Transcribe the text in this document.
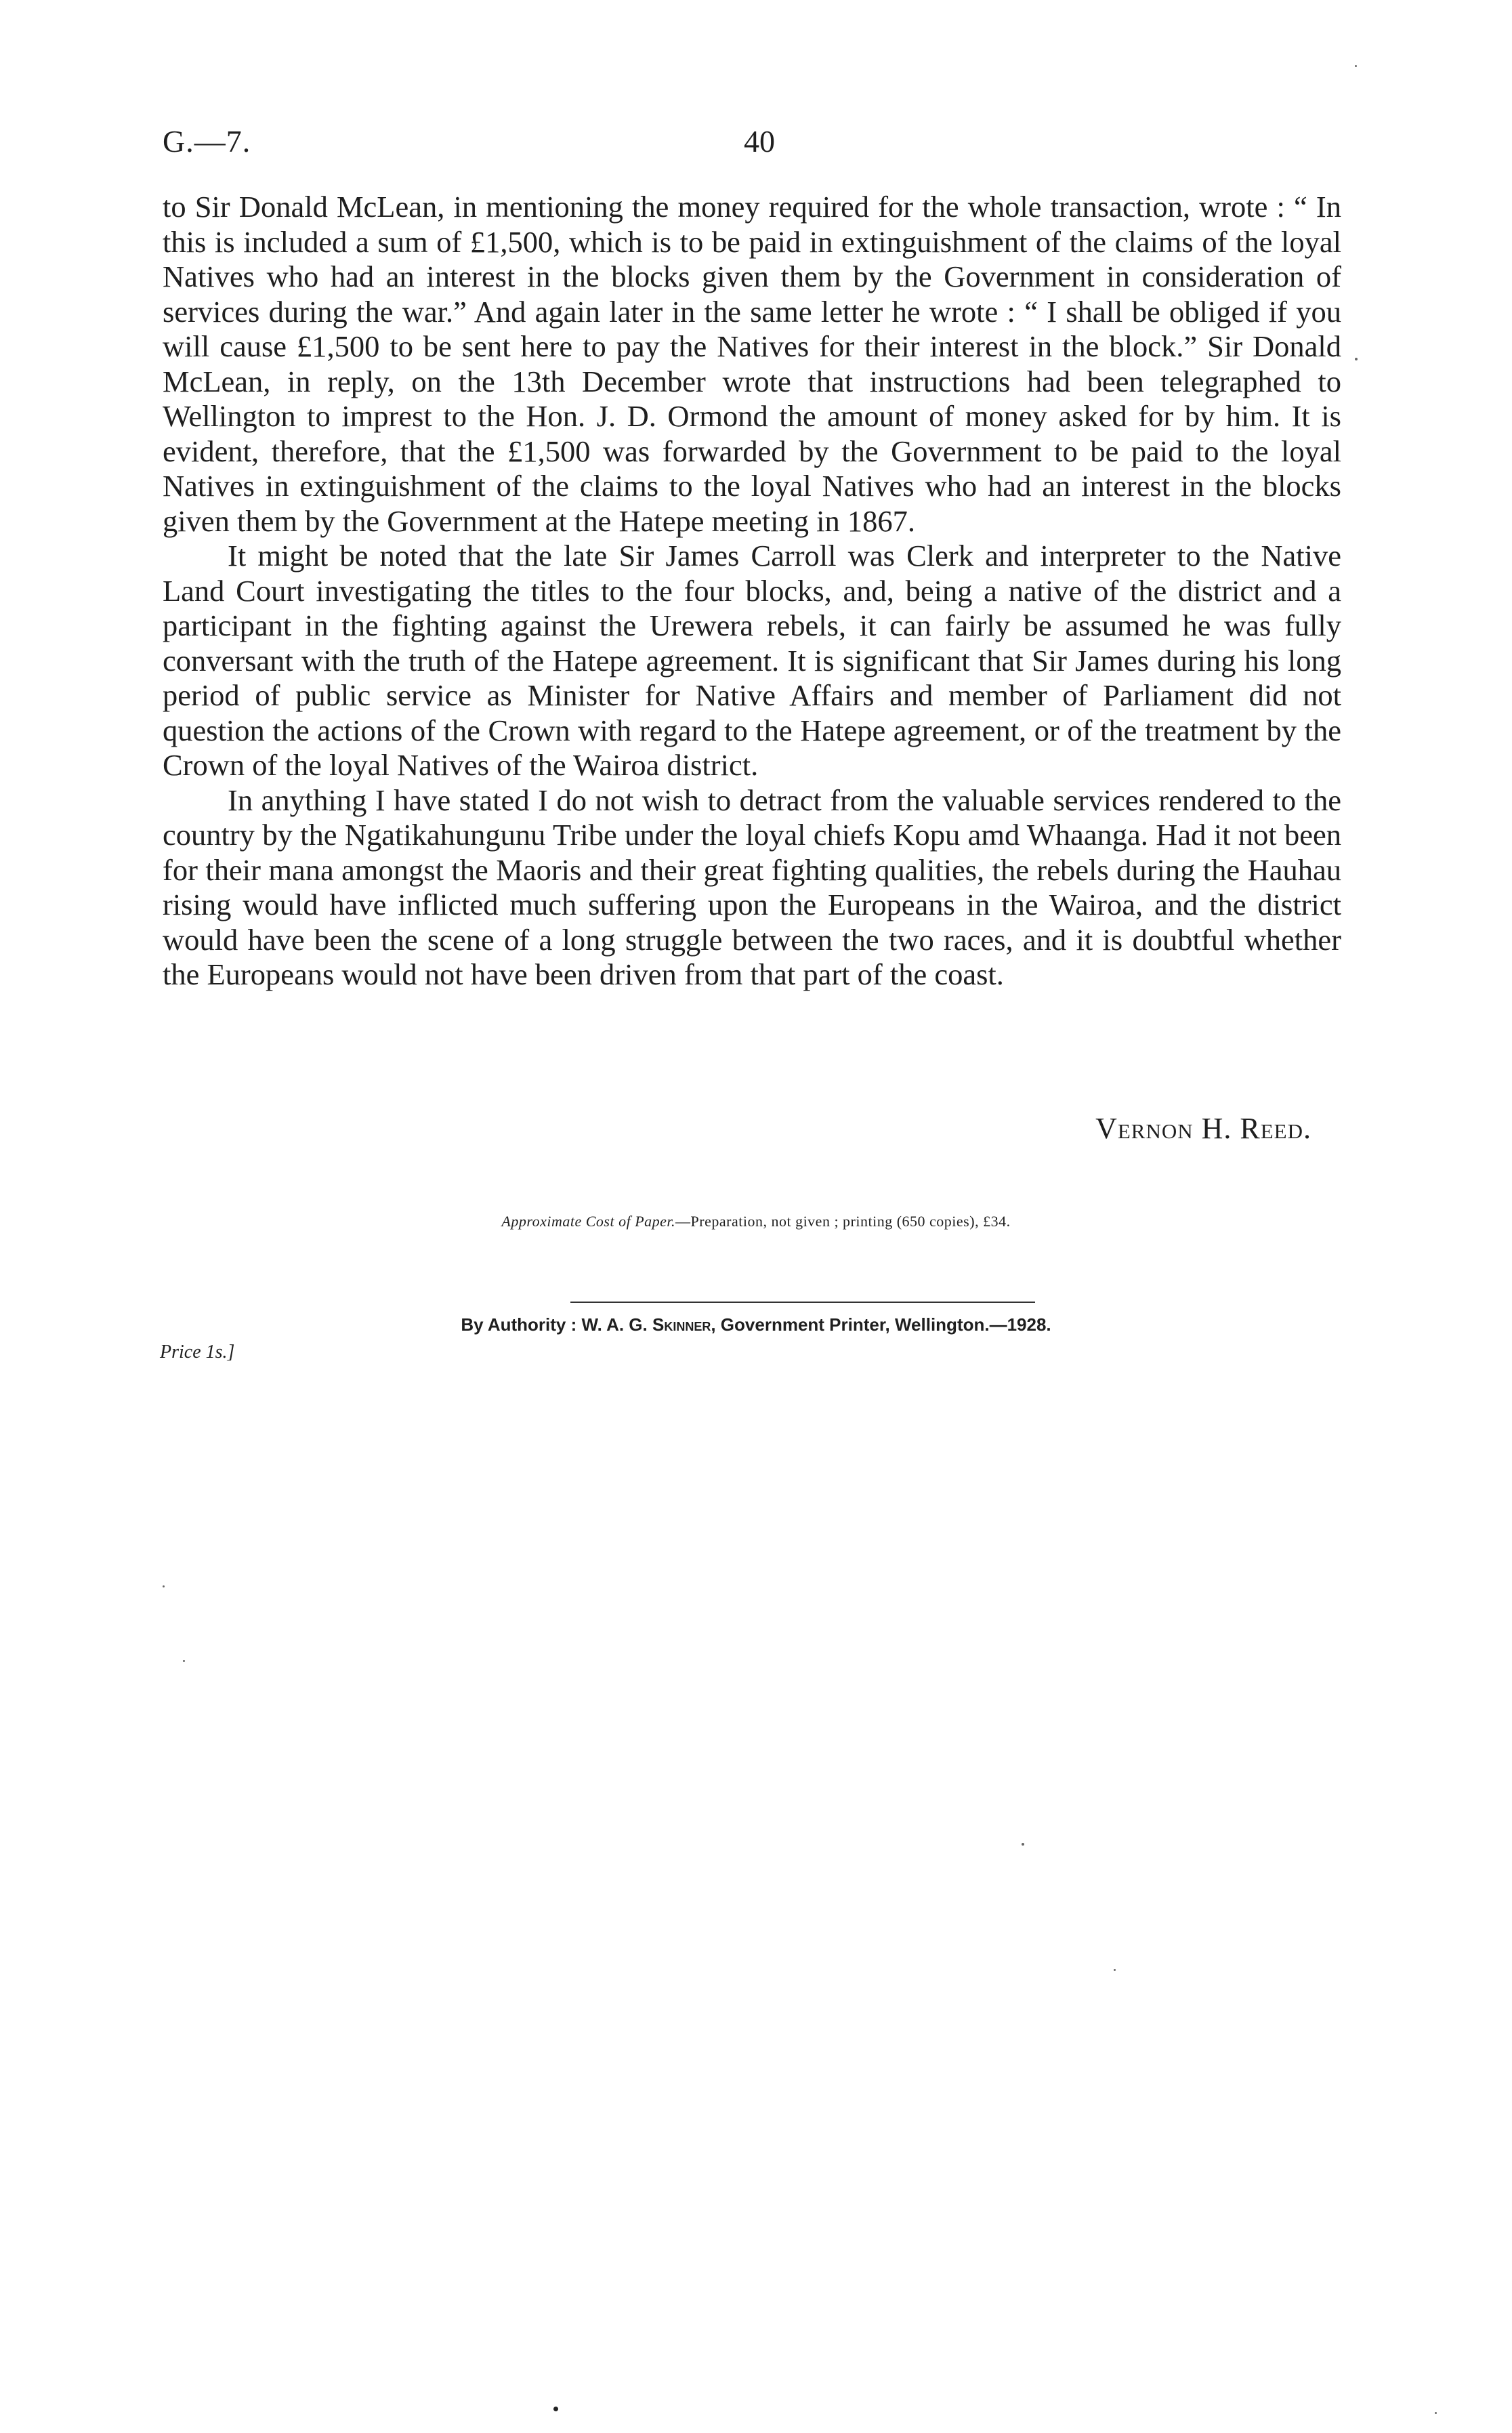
G.—7.	40

to Sir Donald McLean, in mentioning the money required for the whole transaction, wrote : “ In this is included a sum of £1,500, which is to be paid in extinguishment of the claims of the loyal Natives who had an interest in the blocks given them by the Government in consideration of services during the war.” And again later in the same letter he wrote : “ I shall be obliged if you will cause £1,500 to be sent here to pay the Natives for their interest in the block.” Sir Donald McLean, in reply, on the 13th December wrote that instructions had been telegraphed to Wellington to imprest to the Hon. J. D. Ormond the amount of money asked for by him. It is evident, therefore, that the £1,500 was forwarded by the Government to be paid to the loyal Natives in extinguishment of the claims to the loyal Natives who had an interest in the blocks given them by the Government at the Hatepe meeting in 1867.

It might be noted that the late Sir James Carroll was Clerk and interpreter to the Native Land Court investigating the titles to the four blocks, and, being a native of the district and a participant in the fighting against the Urewera rebels, it can fairly be assumed he was fully conversant with the truth of the Hatepe agreement. It is significant that Sir James during his long period of public service as Minister for Native Affairs and member of Parliament did not question the actions of the Crown with regard to the Hatepe agreement, or of the treatment by the Crown of the loyal Natives of the Wairoa district.

In anything I have stated I do not wish to detract from the valuable services rendered to the country by the Ngatikahungunu Tribe under the loyal chiefs Kopu amd Whaanga. Had it not been for their mana amongst the Maoris and their great fighting qualities, the rebels during the Hauhau rising would have inflicted much suffering upon the Europeans in the Wairoa, and the district would have been the scene of a long struggle between the two races, and it is doubtful whether the Europeans would not have been driven from that part of the coast.

Vernon H. Reed.
Approximate Cost of Paper.—Preparation, not given ; printing (650 copies), £34.
By Authority : W. A. G. Skinner, Government Printer, Wellington.—1928.
Price 1s.]
